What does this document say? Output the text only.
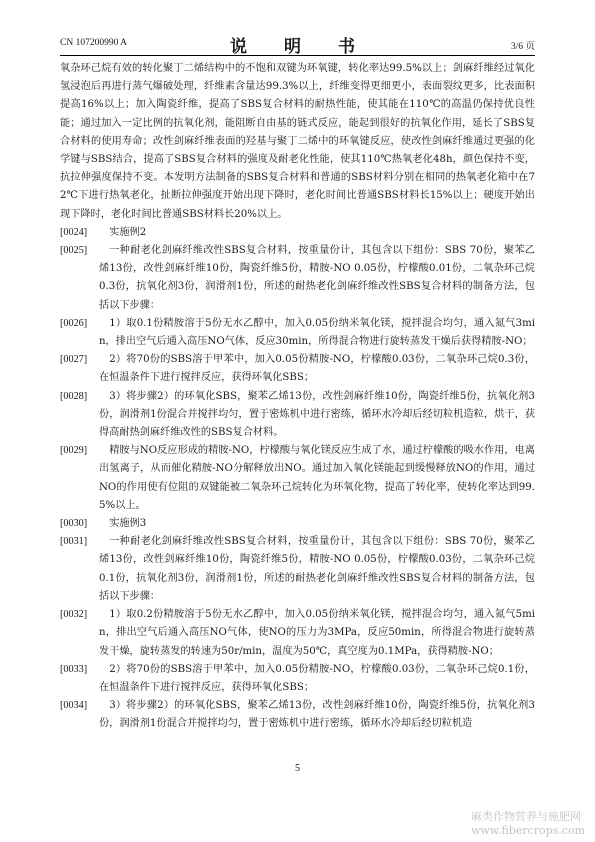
CN 107200990 A	说　明　书	3/6 页
氧杂环己烷有效的转化聚丁二烯结构中的不饱和双键为环氧键，转化率达99.5%以上；剑麻纤维经过氧化氢浸泡后再进行蒸气爆破处理，纤维素含量达99.3%以上，纤维变得更细更小，表面裂纹更多，比表面积提高16%以上；加入陶瓷纤维，提高了SBS复合材料的耐热性能，使其能在110℃的高温仍保持优良性能；通过加入一定比例的抗氧化剂，能阻断自由基的链式反应，能起到很好的抗氧化作用，延长了SBS复合材料的使用寿命；改性剑麻纤维表面的羟基与聚丁二烯中的环氧键反应，使改性剑麻纤维通过更强的化学键与SBS结合，提高了SBS复合材料的强度及耐老化性能，使其110℃热氧老化48h，颜色保持不变，抗拉伸强度保持不变。本发明方法制备的SBS复合材料和普通的SBS材料分别在相同的热氧老化箱中在72℃下进行热氧老化，扯断拉伸强度开始出现下降时，老化时间比普通SBS材料长15%以上；硬度开始出现下降时，老化时间比普通SBS材料长20%以上。
[0024]	实施例2
[0025]	一种耐老化剑麻纤维改性SBS复合材料，按重量份计，其包含以下组份：SBS 70份，聚苯乙烯13份，改性剑麻纤维10份，陶瓷纤维5份，精胺-NO 0.05份，柠檬酸0.01份，二氧杂环己烷0.3份，抗氧化剂3份，润滑剂1份，所述的耐热老化剑麻纤维改性SBS复合材料的制备方法，包括以下步骤：
[0026]	1）取0.1份精胺溶于5份无水乙醇中，加入0.05份纳米氧化镁，搅拌混合均匀，通入氮气3min，排出空气后通入高压NO气体，反应30min，所得混合物进行旋转蒸发干燥后获得精胺-NO；
[0027]	2）将70份的SBS溶于甲苯中，加入0.05份精胺-NO，柠檬酸0.03份，二氧杂环己烷0.3份，在恒温条件下进行搅拌反应，获得环氧化SBS；
[0028]	3）将步骤2）的环氧化SBS，聚苯乙烯13份，改性剑麻纤维10份，陶瓷纤维5份，抗氧化剂3份，润滑剂1份混合并搅拌均匀，置于密炼机中进行密练，循环水冷却后经切粒机造粒，烘干，获得高耐热剑麻纤维改性的SBS复合材料。
[0029]	精胺与NO反应形成的精胺-NO，柠檬酸与氧化镁反应生成了水，通过柠檬酸的吸水作用，电离出氢离子，从而催化精胺-NO分解释放出NO。通过加入氧化镁能起到缓慢释放NO的作用，通过NO的作用使有位阻的双键能被二氧杂环己烷转化为环氧化物，提高了转化率，使转化率达到99.5%以上。
[0030]	实施例3
[0031]	一种耐老化剑麻纤维改性SBS复合材料，按重量份计，其包含以下组份：SBS 70份，聚苯乙烯13份，改性剑麻纤维10份，陶瓷纤维5份，精胺-NO 0.05份，柠檬酸0.03份，二氧杂环己烷0.1份，抗氧化剂3份，润滑剂1份，所述的耐热老化剑麻纤维改性SBS复合材料的制备方法，包括以下步骤：
[0032]	1）取0.2份精胺溶于5份无水乙醇中，加入0.05份纳米氧化镁，搅拌混合均匀，通入氮气5min，排出空气后通入高压NO气体，使NO的压力为3MPa，反应50min，所得混合物进行旋转蒸发干燥，旋转蒸发的转速为50r/min，温度为50℃，真空度为0.1MPa，获得精胺-NO；
[0033]	2）将70份的SBS溶于甲苯中，加入0.05份精胺-NO，柠檬酸0.03份，二氧杂环己烷0.1份，在恒温条件下进行搅拌反应，获得环氧化SBS；
[0034]	3）将步骤2）的环氧化SBS，聚苯乙烯13份，改性剑麻纤维10份，陶瓷纤维5份，抗氧化剂3份，润滑剂1份混合并搅拌均匀，置于密炼机中进行密练，循环水冷却后经切粒机造
5
麻类作物营养与施肥网
www.fibercrops.com
